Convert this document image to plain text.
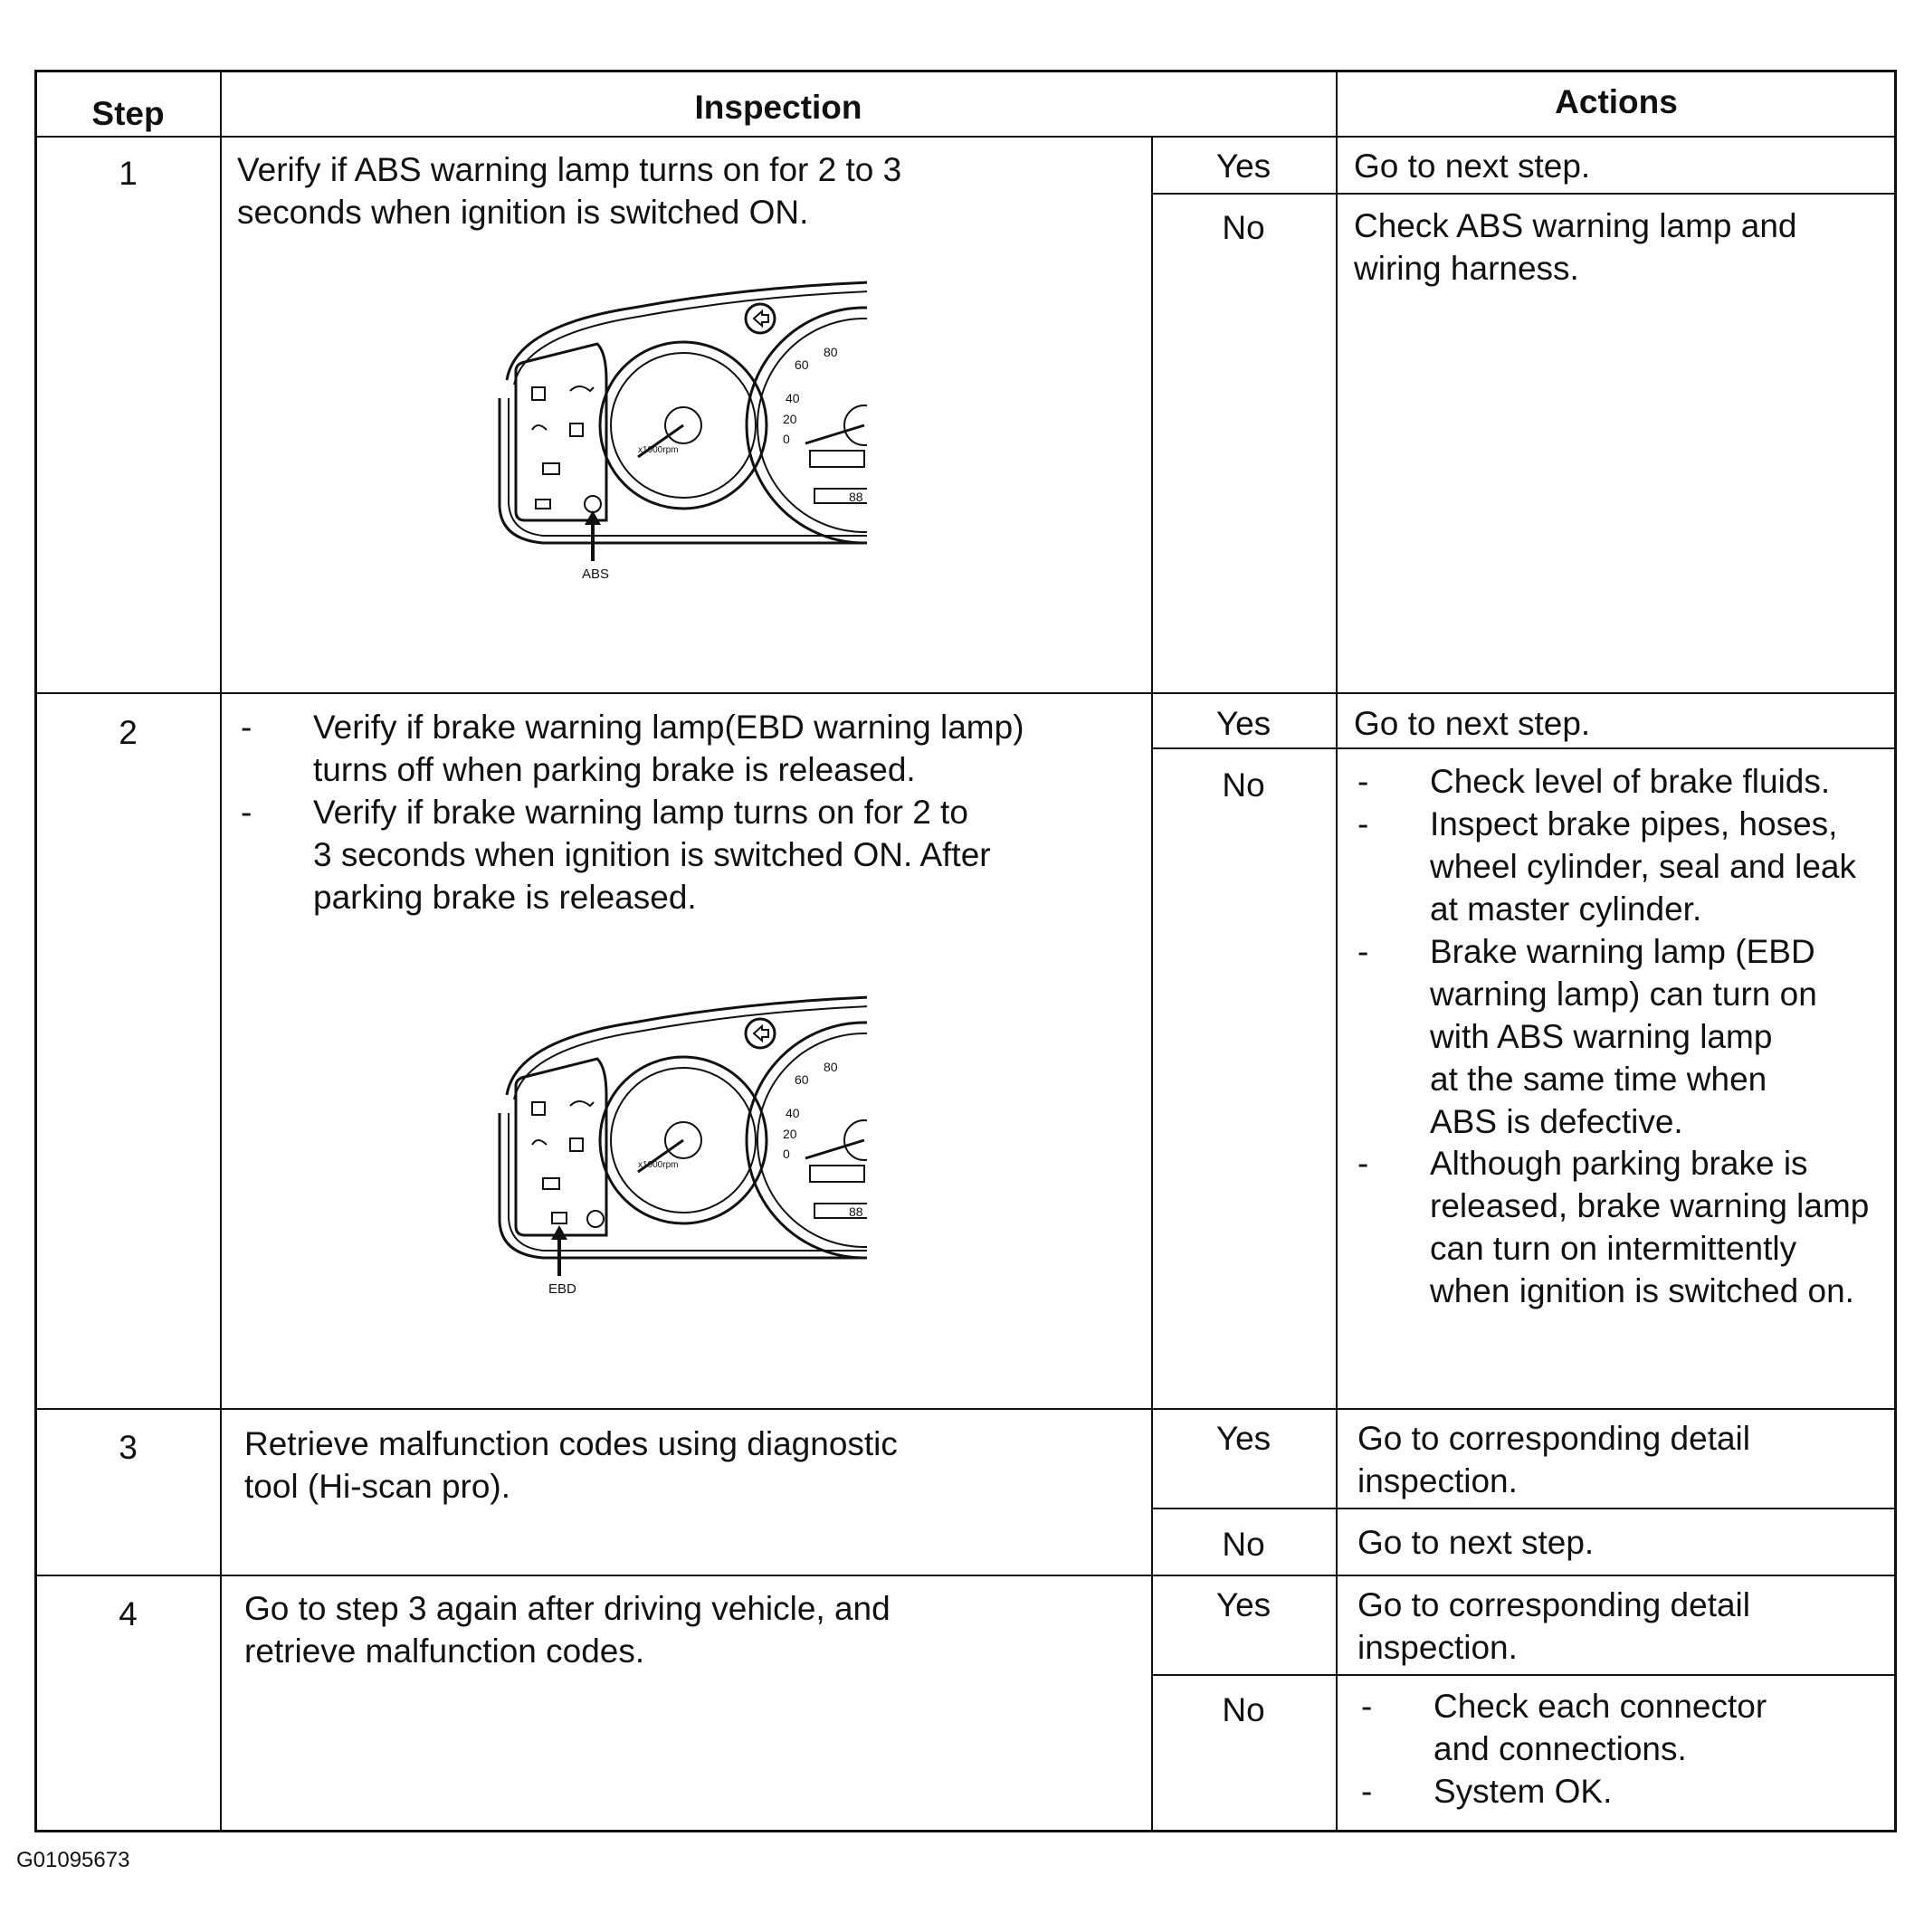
Step	Inspection	Actions
1	Verify if ABS warning lamp turns on for 2 to 3
seconds when ignition is switched ON.
Yes	Go to next step.
No	Check ABS warning lamp and
wiring harness.
x1000rpm
0
20
40
60
80
88
ABS
2	- Verify if brake warning lamp(EBD warning lamp)
turns off when parking brake is released.
- Verify if brake warning lamp turns on for 2 to
3 seconds when ignition is switched ON. After
parking brake is released.
Yes	Go to next step.
No	- Check level of brake fluids.
- Inspect brake pipes, hoses,
wheel cylinder, seal and leak
at master cylinder.
- Brake warning lamp (EBD
warning lamp) can turn on
with ABS warning lamp
at the same time when
ABS is defective.
- Although parking brake is
released, brake warning lamp
can turn on intermittently
when ignition is switched on.
x1000rpm
0
20
40
60
80
88
EBD
3	Retrieve malfunction codes using diagnostic
tool (Hi-scan pro).
Yes	Go to corresponding detail
inspection.
No	Go to next step.
4	Go to step 3 again after driving vehicle, and
retrieve malfunction codes.
Yes	Go to corresponding detail
inspection.
No	- Check each connector
and connections.
- System OK.
G01095673
